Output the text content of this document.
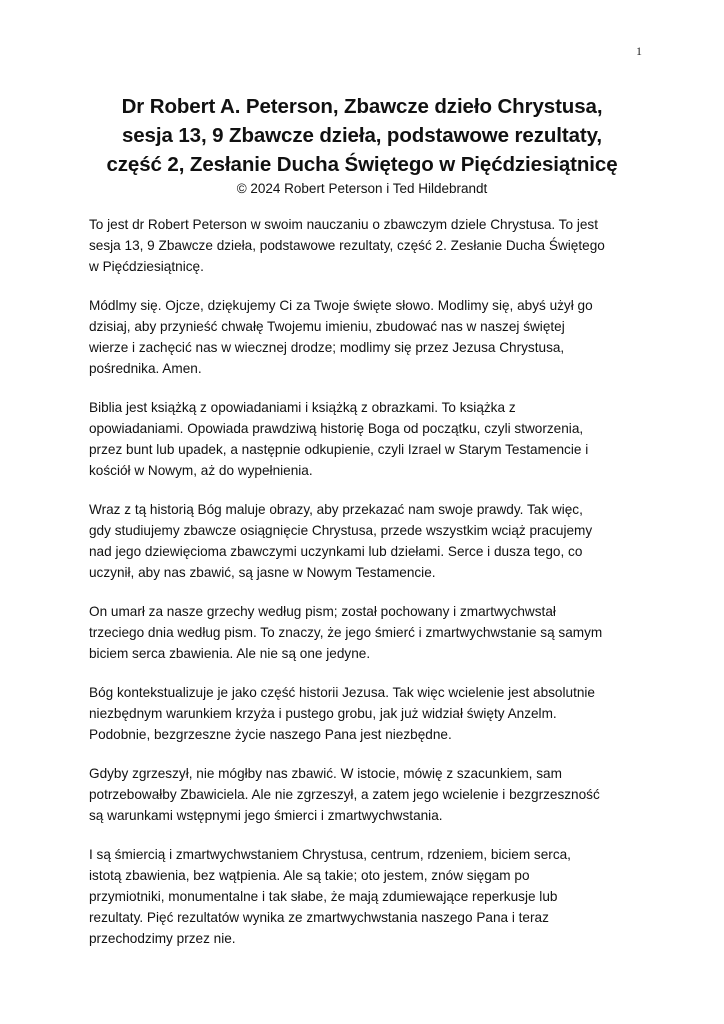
1
Dr Robert A. Peterson, Zbawcze dzieło Chrystusa,
sesja 13, 9 Zbawcze dzieła, podstawowe rezultaty,
część 2, Zesłanie Ducha Świętego w Pięćdziesiątnicę
© 2024 Robert Peterson i Ted Hildebrandt

To jest dr Robert Peterson w swoim nauczaniu o zbawczym dziele Chrystusa. To jest
sesja 13, 9 Zbawcze dzieła, podstawowe rezultaty, część 2. Zesłanie Ducha Świętego
w Pięćdziesiątnicę.

Módlmy się. Ojcze, dziękujemy Ci za Twoje święte słowo. Modlimy się, abyś użył go
dzisiaj, aby przynieść chwałę Twojemu imieniu, zbudować nas w naszej świętej
wierze i zachęcić nas w wiecznej drodze; modlimy się przez Jezusa Chrystusa,
pośrednika. Amen.

Biblia jest książką z opowiadaniami i książką z obrazkami. To książka z
opowiadaniami. Opowiada prawdziwą historię Boga od początku, czyli stworzenia,
przez bunt lub upadek, a następnie odkupienie, czyli Izrael w Starym Testamencie i
kościół w Nowym, aż do wypełnienia.

Wraz z tą historią Bóg maluje obrazy, aby przekazać nam swoje prawdy. Tak więc,
gdy studiujemy zbawcze osiągnięcie Chrystusa, przede wszystkim wciąż pracujemy
nad jego dziewięcioma zbawczymi uczynkami lub dziełami. Serce i dusza tego, co
uczynił, aby nas zbawić, są jasne w Nowym Testamencie.

On umarł za nasze grzechy według pism; został pochowany i zmartwychwstał
trzeciego dnia według pism. To znaczy, że jego śmierć i zmartwychwstanie są samym
biciem serca zbawienia. Ale nie są one jedyne.

Bóg kontekstualizuje je jako część historii Jezusa. Tak więc wcielenie jest absolutnie
niezbędnym warunkiem krzyża i pustego grobu, jak już widział święty Anzelm.
Podobnie, bezgrzeszne życie naszego Pana jest niezbędne.

Gdyby zgrzeszył, nie mógłby nas zbawić. W istocie, mówię z szacunkiem, sam
potrzebowałby Zbawiciela. Ale nie zgrzeszył, a zatem jego wcielenie i bezgrzeszność
są warunkami wstępnymi jego śmierci i zmartwychwstania.

I są śmiercią i zmartwychwstaniem Chrystusa, centrum, rdzeniem, biciem serca,
istotą zbawienia, bez wątpienia. Ale są takie; oto jestem, znów sięgam po
przymiotniki, monumentalne i tak słabe, że mają zdumiewające reperkusje lub
rezultaty. Pięć rezultatów wynika ze zmartwychwstania naszego Pana i teraz
przechodzimy przez nie.
